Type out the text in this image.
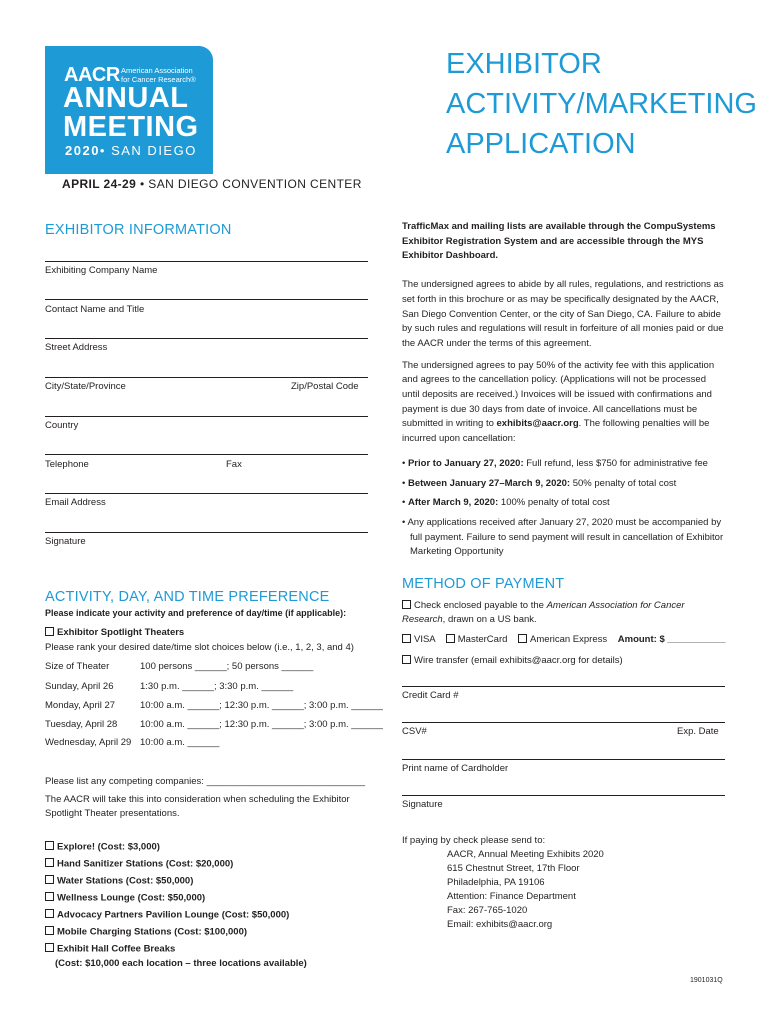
AACR American Association for Cancer Research®
ANNUAL
MEETING
2020• SAN DIEGO
EXHIBITOR
ACTIVITY/MARKETING
APPLICATION
APRIL 24-29 • SAN DIEGO CONVENTION CENTER
EXHIBITOR INFORMATION
Exhibiting Company Name
Contact Name and Title
Street Address
City/State/Province	Zip/Postal Code
Country
Telephone	Fax
Email Address
Signature

TrafficMax and mailing lists are available through the CompuSystems Exhibitor Registration System and are accessible through the MYS Exhibitor Dashboard.

The undersigned agrees to abide by all rules, regulations, and restrictions as set forth in this brochure or as may be specifically designated by the AACR, San Diego Convention Center, or the city of San Diego, CA. Failure to abide by such rules and regulations will result in forfeiture of all monies paid or due the AACR under the terms of this agreement.

The undersigned agrees to pay 50% of the activity fee with this application and agrees to the cancellation policy. (Applications will not be processed until deposits are received.) Invoices will be issued with confirmations and payment is due 30 days from date of invoice. All cancellations must be submitted in writing to exhibits@aacr.org. The following penalties will be incurred upon cancellation:

• Prior to January 27, 2020: Full refund, less $750 for administrative fee
• Between January 27–March 9, 2020: 50% penalty of total cost
• After March 9, 2020: 100% penalty of total cost
• Any applications received after January 27, 2020 must be accompanied by full payment. Failure to send payment will result in cancellation of Exhibitor Marketing Opportunity
ACTIVITY, DAY, AND TIME PREFERENCE
Please indicate your activity and preference of day/time (if applicable):
Exhibitor Spotlight Theaters
Please rank your desired date/time slot choices below (i.e., 1, 2, 3, and 4)
Size of Theater	100 persons ______; 50 persons ______
Sunday, April 26	1:30 p.m. ______; 3:30 p.m. ______
Monday, April 27	10:00 a.m. ______; 12:30 p.m. ______; 3:00 p.m. ______
Tuesday, April 28 10:00 a.m. ______; 12:30 p.m. ______; 3:00 p.m. ______
Wednesday, April 29 10:00 a.m. ______
Please list any competing companies: ______________________________
The AACR will take this into consideration when scheduling the Exhibitor Spotlight Theater presentations.
Explore! (Cost: $3,000)
Hand Sanitizer Stations (Cost: $20,000)
Water Stations (Cost: $50,000)
Wellness Lounge (Cost: $50,000)
Advocacy Partners Pavilion Lounge (Cost: $50,000)
Mobile Charging Stations (Cost: $100,000)
Exhibit Hall Coffee Breaks
(Cost: $10,000 each location – three locations available)
METHOD OF PAYMENT
Check enclosed payable to the American Association for Cancer Research, drawn on a US bank.
VISA MasterCard American Express Amount: $ ___________
Wire transfer (email exhibits@aacr.org for details)
Credit Card #
CSV#	Exp. Date
Print name of Cardholder
Signature
If paying by check please send to:
AACR, Annual Meeting Exhibits 2020
615 Chestnut Street, 17th Floor
Philadelphia, PA 19106
Attention: Finance Department
Fax: 267-765-1020
Email: exhibits@aacr.org
1901031Q
